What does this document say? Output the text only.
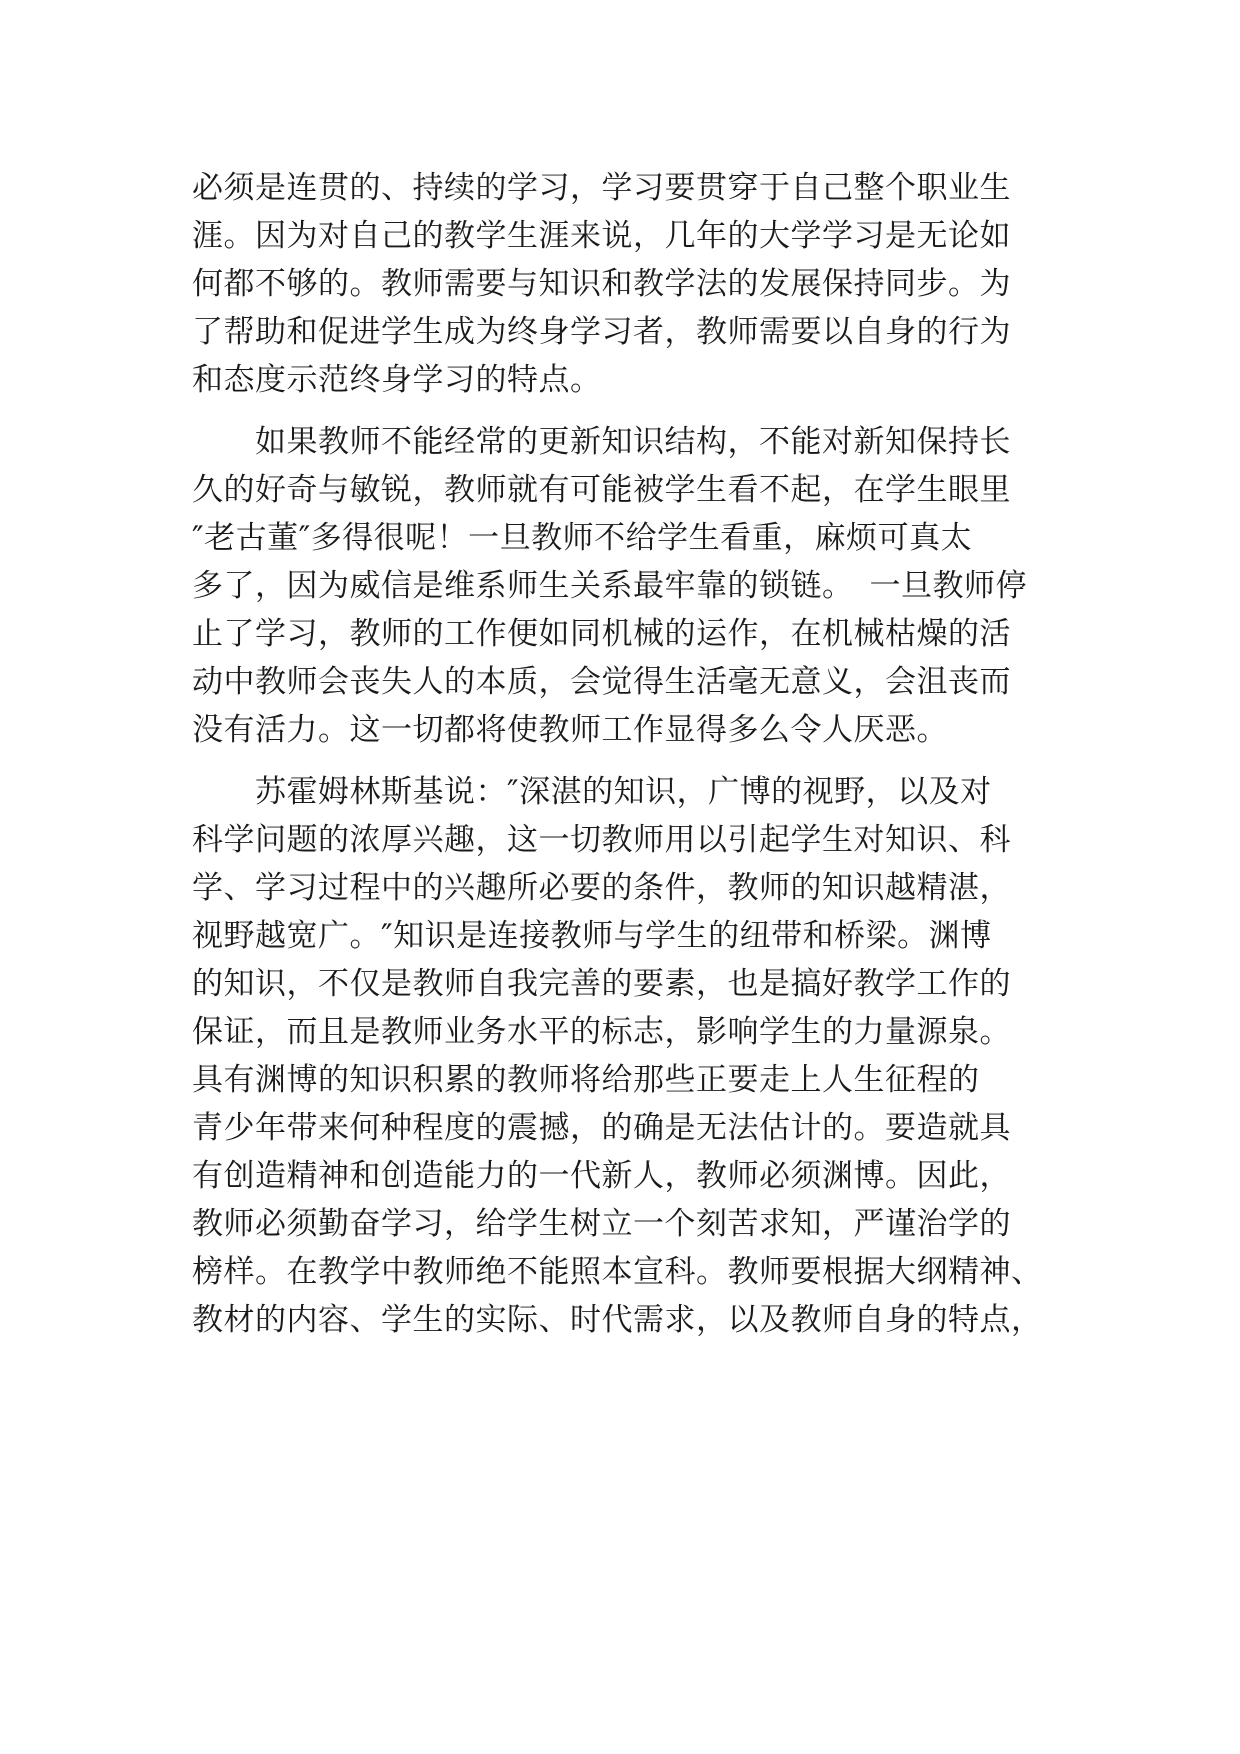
必须是连贯的、持续的学习，学习要贯穿于自己整个职业生
涯。因为对自己的教学生涯来说，几年的大学学习是无论如
何都不够的。教师需要与知识和教学法的发展保持同步。为
了帮助和促进学生成为终身学习者，教师需要以自身的行为
和态度示范终身学习的特点。
　　如果教师不能经常的更新知识结构，不能对新知保持长
久的好奇与敏锐，教师就有可能被学生看不起，在学生眼里
″老古董″多得很呢！一旦教师不给学生看重，麻烦可真太
多了，因为威信是维系师生关系最牢靠的锁链。　一旦教师停
止了学习，教师的工作便如同机械的运作，在机械枯燥的活
动中教师会丧失人的本质，会觉得生活毫无意义，会沮丧而
没有活力。这一切都将使教师工作显得多么令人厌恶。
　　苏霍姆林斯基说：″深湛的知识，广博的视野，以及对
科学问题的浓厚兴趣，这一切教师用以引起学生对知识、科
学、学习过程中的兴趣所必要的条件，教师的知识越精湛，
视野越宽广。″知识是连接教师与学生的纽带和桥梁。渊博
的知识，不仅是教师自我完善的要素，也是搞好教学工作的
保证，而且是教师业务水平的标志，影响学生的力量源泉。
具有渊博的知识积累的教师将给那些正要走上人生征程的
青少年带来何种程度的震撼，的确是无法估计的。要造就具
有创造精神和创造能力的一代新人，教师必须渊博。因此，
教师必须勤奋学习，给学生树立一个刻苦求知，严谨治学的
榜样。在教学中教师绝不能照本宣科。教师要根据大纲精神、
教材的内容、学生的实际、时代需求，以及教师自身的特点，
